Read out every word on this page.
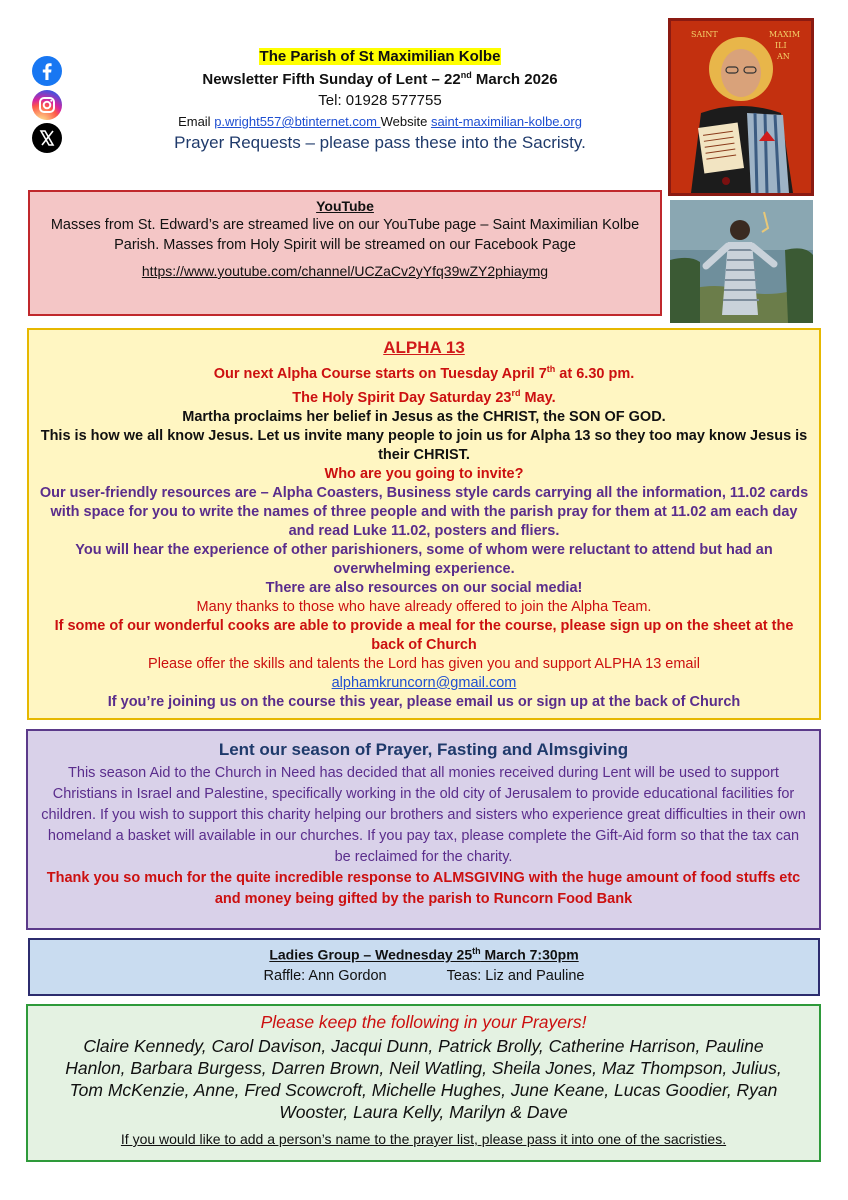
The Parish of St Maximilian Kolbe
Newsletter Fifth Sunday of Lent – 22nd March 2026
Tel: 01928 577755
Email p.wright557@btinternet.com Website saint-maximilian-kolbe.org
Prayer Requests – please pass these into the Sacristy.
SAINT	MAXIM
ILI
AN
YouTube
Masses from St. Edward’s are streamed live on our YouTube page – Saint Maximilian Kolbe Parish. Masses from Holy Spirit will be streamed on our Facebook Page
https://www.youtube.com/channel/UCZaCv2yYfq39wZY2phiaymg
ALPHA 13
Our next Alpha Course starts on Tuesday April 7th at 6.30 pm.
The Holy Spirit Day Saturday 23rd May.
Martha proclaims her belief in Jesus as the CHRIST, the SON OF GOD.
This is how we all know Jesus. Let us invite many people to join us for Alpha 13 so they too may know Jesus is their CHRIST.
Who are you going to invite?
Our user-friendly resources are – Alpha Coasters, Business style cards carrying all the information, 11.02 cards with space for you to write the names of three people and with the parish pray for them at 11.02 am each day and read Luke 11.02, posters and fliers.
You will hear the experience of other parishioners, some of whom were reluctant to attend but had an overwhelming experience.
There are also resources on our social media!
Many thanks to those who have already offered to join the Alpha Team.
If some of our wonderful cooks are able to provide a meal for the course, please sign up on the sheet at the back of Church
Please offer the skills and talents the Lord has given you and support ALPHA 13 email
alphamkruncorn@gmail.com
If you’re joining us on the course this year, please email us or sign up at the back of Church
Lent our season of Prayer, Fasting and Almsgiving
This season Aid to the Church in Need has decided that all monies received during Lent will be used to support Christians in Israel and Palestine, specifically working in the old city of Jerusalem to provide educational facilities for children. If you wish to support this charity helping our brothers and sisters who experience great difficulties in their own homeland a basket will available in our churches. If you pay tax, please complete the Gift-Aid form so that the tax can be reclaimed for the charity.
Thank you so much for the quite incredible response to ALMSGIVING with the huge amount of food stuffs etc and money being gifted by the parish to Runcorn Food Bank
Ladies Group – Wednesday 25th March 7:30pm
Raffle: Ann Gordon	Teas: Liz and Pauline
Please keep the following in your Prayers!
Claire Kennedy, Carol Davison, Jacqui Dunn, Patrick Brolly, Catherine Harrison, Pauline Hanlon, Barbara Burgess, Darren Brown, Neil Watling, Sheila Jones, Maz Thompson, Julius, Tom McKenzie, Anne, Fred Scowcroft, Michelle Hughes, June Keane, Lucas Goodier, Ryan Wooster, Laura Kelly, Marilyn & Dave
If you would like to add a person’s name to the prayer list, please pass it into one of the sacristies.
